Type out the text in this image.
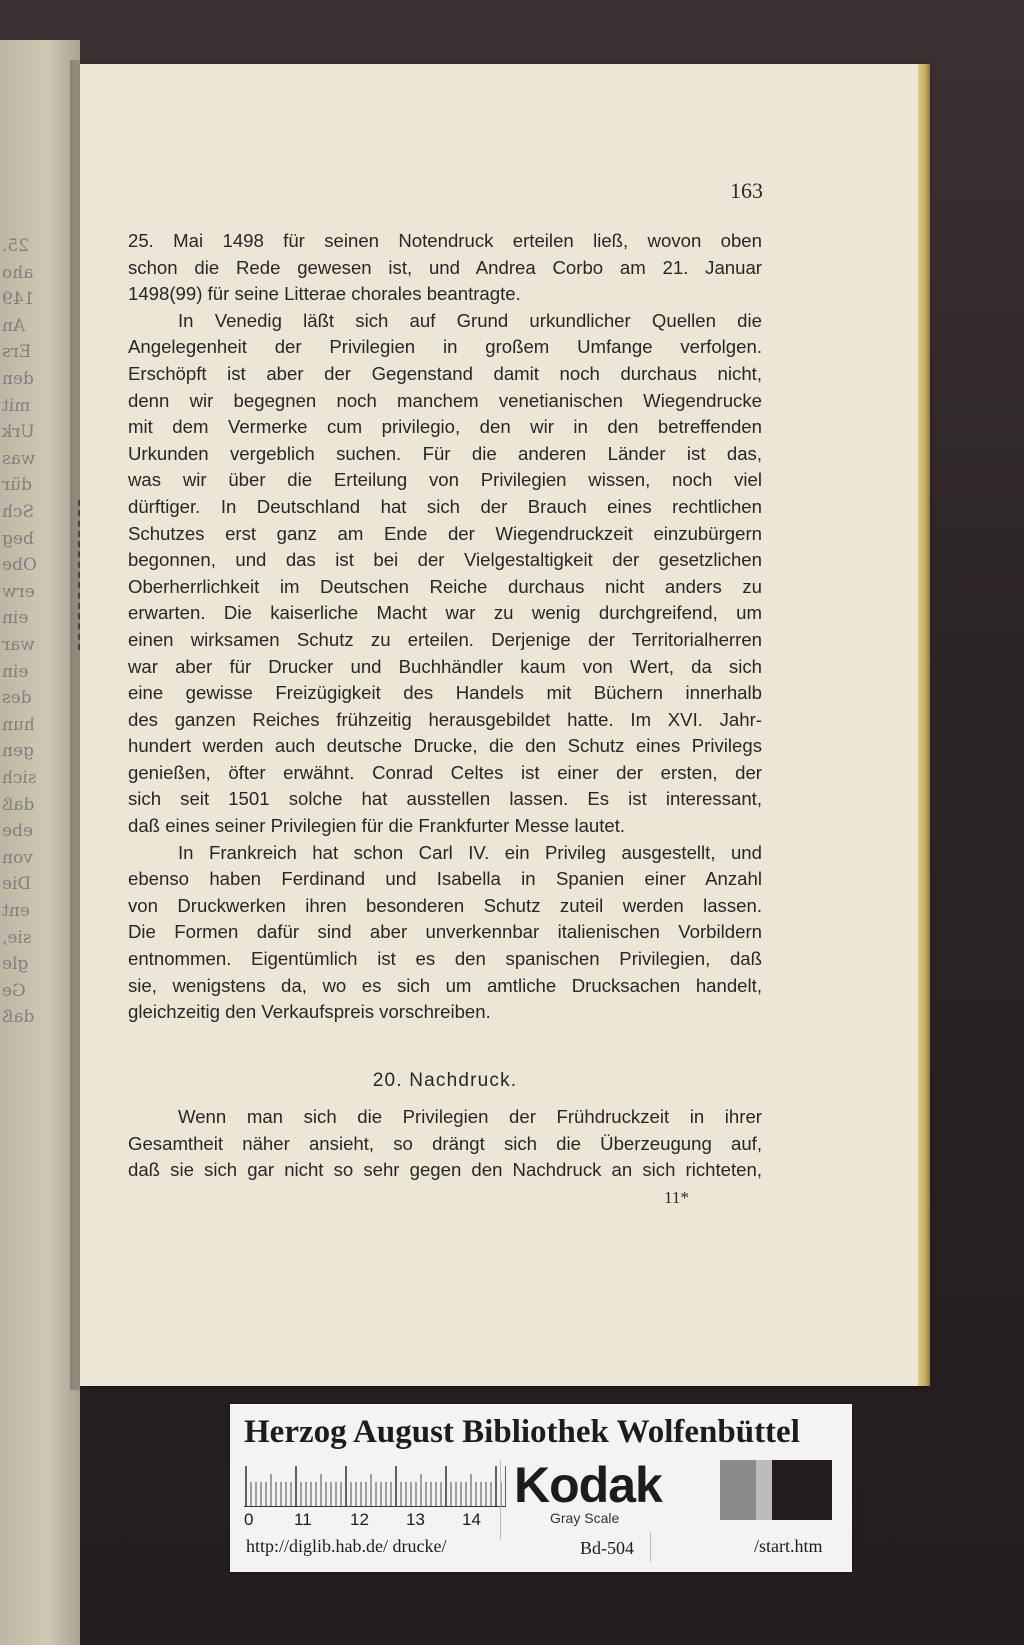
25.
aho
149
An
Ers
den
mit
Urk
was
dür
Sch
beg
Obe
erw
ein
war
ein
des
hun
gen
sich
daß
ebe
von
Die
ent
sie,
gle
Ge
daß
163
25. Mai 1498 für seinen Notendruck erteilen ließ, wovon oben
schon die Rede gewesen ist, und Andrea Corbo am 21. Januar
1498(99) für seine Litterae chorales beantragte.
In Venedig läßt sich auf Grund urkundlicher Quellen die
Angelegenheit der Privilegien in großem Umfange verfolgen.
Erschöpft ist aber der Gegenstand damit noch durchaus nicht,
denn wir begegnen noch manchem venetianischen Wiegendrucke
mit dem Vermerke cum privilegio, den wir in den betreffenden
Urkunden vergeblich suchen. Für die anderen Länder ist das,
was wir über die Erteilung von Privilegien wissen, noch viel
dürftiger. In Deutschland hat sich der Brauch eines rechtlichen
Schutzes erst ganz am Ende der Wiegendruckzeit einzubürgern
begonnen, und das ist bei der Vielgestaltigkeit der gesetzlichen
Oberherrlichkeit im Deutschen Reiche durchaus nicht anders zu
erwarten. Die kaiserliche Macht war zu wenig durchgreifend, um
einen wirksamen Schutz zu erteilen. Derjenige der Territorialherren
war aber für Drucker und Buchhändler kaum von Wert, da sich
eine gewisse Freizügigkeit des Handels mit Büchern innerhalb
des ganzen Reiches frühzeitig herausgebildet hatte. Im XVI. Jahr-
hundert werden auch deutsche Drucke, die den Schutz eines Privilegs
genießen, öfter erwähnt. Conrad Celtes ist einer der ersten, der
sich seit 1501 solche hat ausstellen lassen. Es ist interessant,
daß eines seiner Privilegien für die Frankfurter Messe lautet.
In Frankreich hat schon Carl IV. ein Privileg ausgestellt, und
ebenso haben Ferdinand und Isabella in Spanien einer Anzahl
von Druckwerken ihren besonderen Schutz zuteil werden lassen.
Die Formen dafür sind aber unverkennbar italienischen Vorbildern
entnommen. Eigentümlich ist es den spanischen Privilegien, daß
sie, wenigstens da, wo es sich um amtliche Drucksachen handelt,
gleichzeitig den Verkaufspreis vorschreiben.
20. Nachdruck.
Wenn man sich die Privilegien der Frühdruckzeit in ihrer
Gesamtheit näher ansieht, so drängt sich die Überzeugung auf,
daß sie sich gar nicht so sehr gegen den Nachdruck an sich richteten,
11*
Herzog August Bibliothek Wolfenbüttel
0 11 12 13 14
Kodak
Gray Scale
http://diglib.hab.de/ drucke/	Bd-504	/start.htm
